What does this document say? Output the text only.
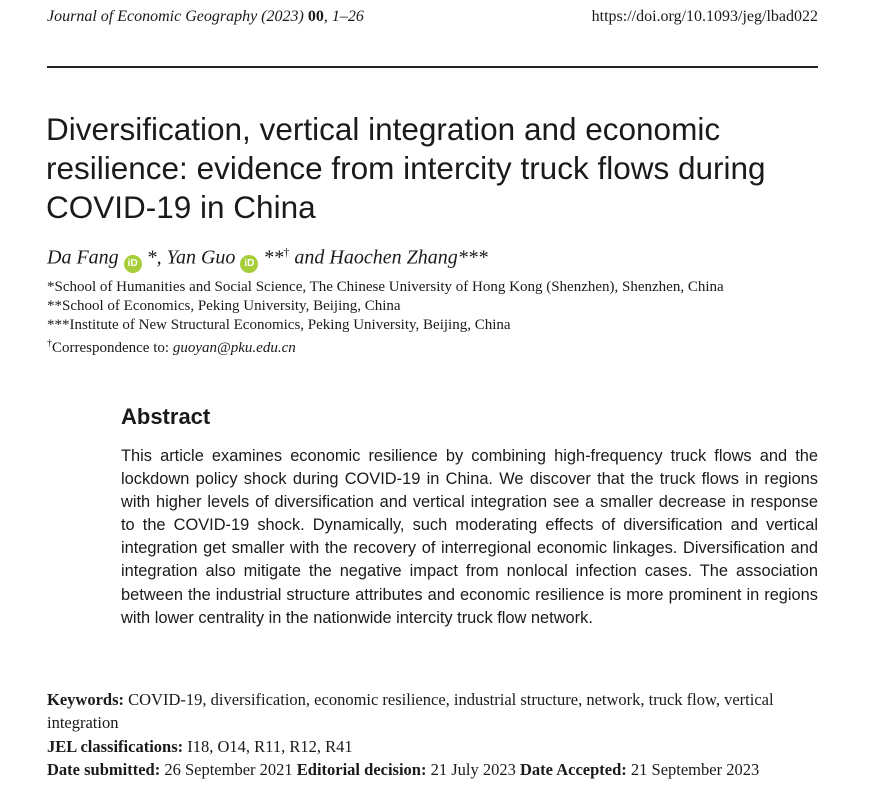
Journal of Economic Geography (2023) 00, 1–26	https://doi.org/10.1093/jeg/lbad022
Diversification, vertical integration and economic resilience: evidence from intercity truck flows during COVID-19 in China
Da Fang iD *, Yan Guo iD **† and Haochen Zhang***

*School of Humanities and Social Science, The Chinese University of Hong Kong (Shenzhen), Shenzhen, China

**School of Economics, Peking University, Beijing, China

***Institute of New Structural Economics, Peking University, Beijing, China

†Correspondence to: guoyan@pku.edu.cn

Abstract

This article examines economic resilience by combining high-frequency truck flows and the lockdown policy shock during COVID-19 in China. We discover that the truck flows in regions with higher levels of diversification and vertical integration see a smaller decrease in response to the COVID-19 shock. Dynamically, such moderating effects of diversification and vertical integration get smaller with the recovery of interregional economic linkages. Diversification and integration also mitigate the negative impact from nonlocal infection cases. The association between the industrial structure attributes and economic resilience is more prominent in regions with lower centrality in the nationwide intercity truck flow network.

Keywords: COVID-19, diversification, economic resilience, industrial structure, network, truck flow, vertical integration

JEL classifications: I18, O14, R11, R12, R41

Date submitted: 26 September 2021 Editorial decision: 21 July 2023 Date Accepted: 21 September 2023
